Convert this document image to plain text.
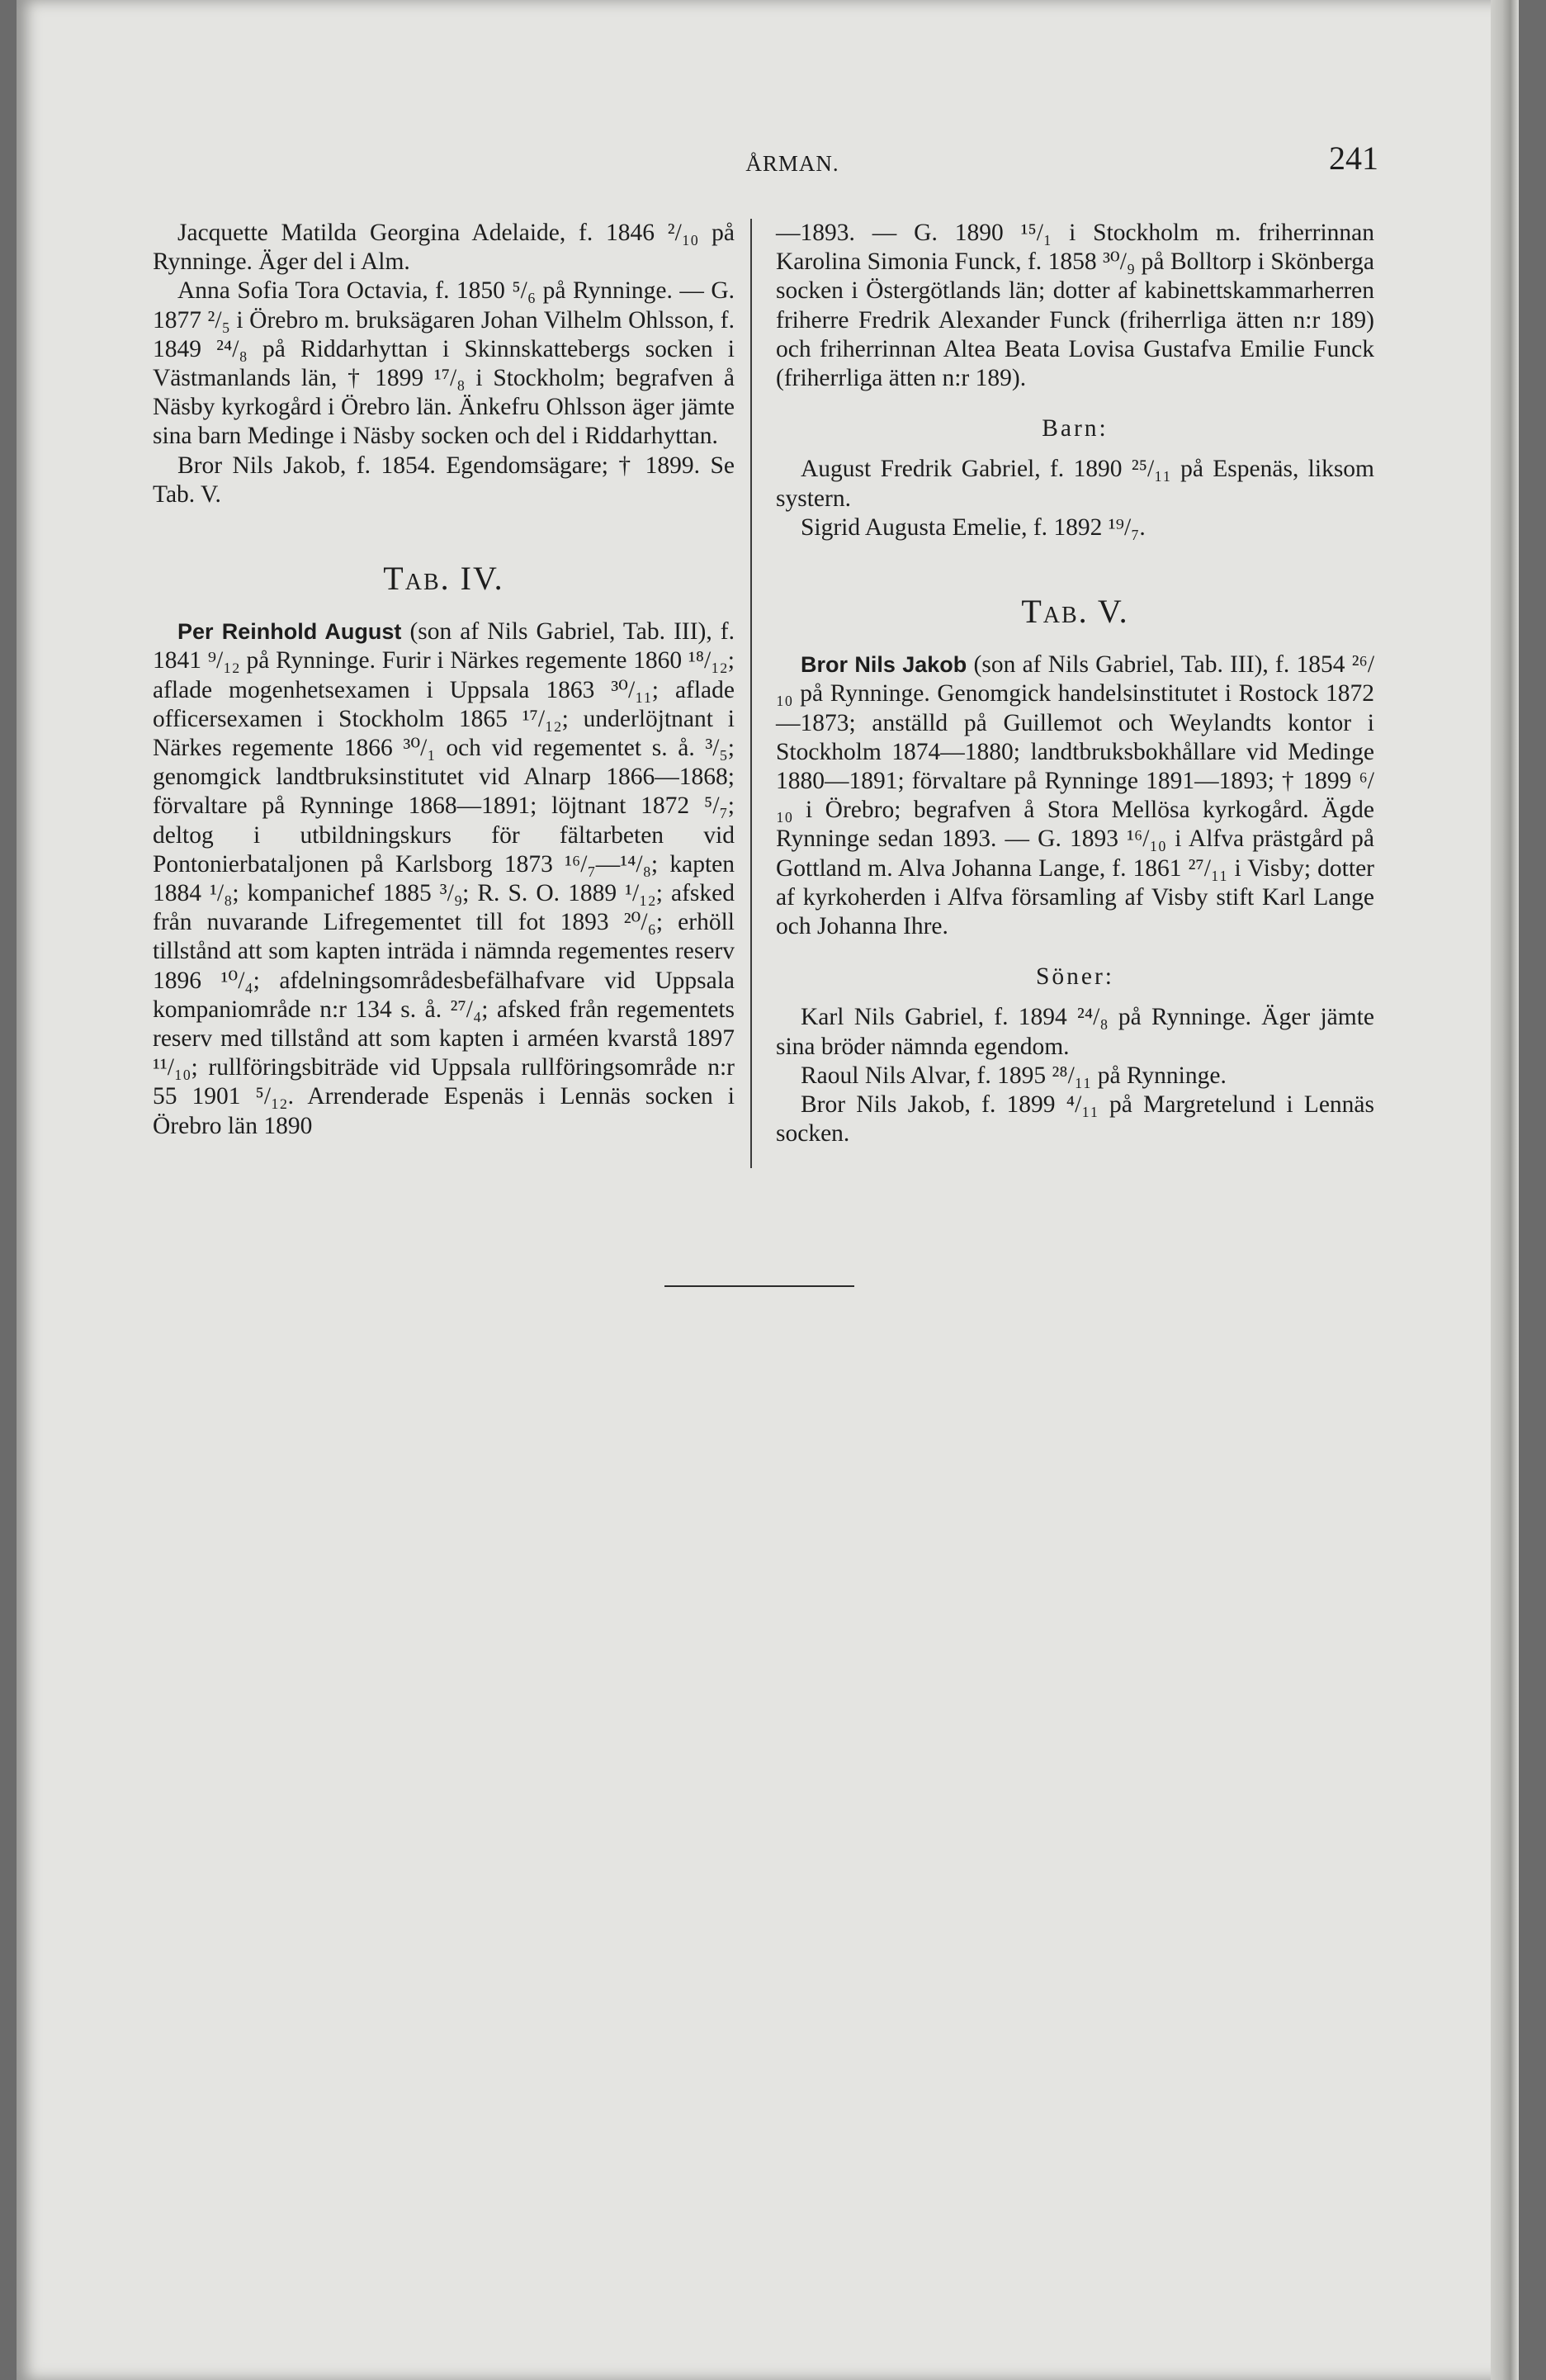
ÅRMAN.	241

Jacquette Matilda Georgina Adelaide, f. 1846 ²/₁₀ på Rynninge. Äger del i Alm.

Anna Sofia Tora Octavia, f. 1850 ⁵/₆ på Rynninge. — G. 1877 ²/₅ i Örebro m. bruksägaren Johan Vilhelm Ohlsson, f. 1849 ²⁴/₈ på Riddarhyttan i Skinnskattebergs socken i Västmanlands län, † 1899 ¹⁷/₈ i Stockholm; begrafven å Näsby kyrkogård i Örebro län. Änkefru Ohlsson äger jämte sina barn Medinge i Näsby socken och del i Riddarhyttan.

Bror Nils Jakob, f. 1854. Egendomsägare; † 1899. Se Tab. V.

Tab. IV.

Per Reinhold August (son af Nils Gabriel, Tab. III), f. 1841 ⁹/₁₂ på Rynninge. Furir i Närkes regemente 1860 ¹⁸/₁₂; aflade mogenhetsexamen i Uppsala 1863 ³⁰/₁₁; aflade officersexamen i Stockholm 1865 ¹⁷/₁₂; underlöjtnant i Närkes regemente 1866 ³⁰/₁ och vid regementet s. å. ³/₅; genomgick landtbruksinstitutet vid Alnarp 1866—1868; förvaltare på Rynninge 1868—1891; löjtnant 1872 ⁵/₇; deltog i utbildningskurs för fältarbeten vid Pontonierbataljonen på Karlsborg 1873 ¹⁶/₇—¹⁴/₈; kapten 1884 ¹/₈; kompanichef 1885 ³/₉; R. S. O. 1889 ¹/₁₂; afsked från nuvarande Lifregementet till fot 1893 ²⁰/₆; erhöll tillstånd att som kapten inträda i nämnda regementes reserv 1896 ¹⁰/₄; afdelningsområdesbefälhafvare vid Uppsala kompaniområde n:r 134 s. å. ²⁷/₄; afsked från regementets reserv med tillstånd att som kapten i arméen kvarstå 1897 ¹¹/₁₀; rullföringsbiträde vid Uppsala rullföringsområde n:r 55 1901 ⁵/₁₂. Arrenderade Espenäs i Lennäs socken i Örebro län 1890

—1893. — G. 1890 ¹⁵/₁ i Stockholm m. friherrinnan Karolina Simonia Funck, f. 1858 ³⁰/₉ på Bolltorp i Skönberga socken i Östergötlands län; dotter af kabinettskammarherren friherre Fredrik Alexander Funck (friherrliga ätten n:r 189) och friherrinnan Altea Beata Lovisa Gustafva Emilie Funck (friherrliga ätten n:r 189).

Barn:

August Fredrik Gabriel, f. 1890 ²⁵/₁₁ på Espenäs, liksom systern.

Sigrid Augusta Emelie, f. 1892 ¹⁹/₇.

Tab. V.

Bror Nils Jakob (son af Nils Gabriel, Tab. III), f. 1854 ²⁶/₁₀ på Rynninge. Genomgick handelsinstitutet i Rostock 1872—1873; anställd på Guillemot och Weylandts kontor i Stockholm 1874—1880; landtbruksbokhållare vid Medinge 1880—1891; förvaltare på Rynninge 1891—1893; † 1899 ⁶/₁₀ i Örebro; begrafven å Stora Mellösa kyrkogård. Ägde Rynninge sedan 1893. — G. 1893 ¹⁶/₁₀ i Alfva prästgård på Gottland m. Alva Johanna Lange, f. 1861 ²⁷/₁₁ i Visby; dotter af kyrkoherden i Alfva församling af Visby stift Karl Lange och Johanna Ihre.

Söner:

Karl Nils Gabriel, f. 1894 ²⁴/₈ på Rynninge. Äger jämte sina bröder nämnda egendom.

Raoul Nils Alvar, f. 1895 ²⁸/₁₁ på Rynninge.

Bror Nils Jakob, f. 1899 ⁴/₁₁ på Margretelund i Lennäs socken.
